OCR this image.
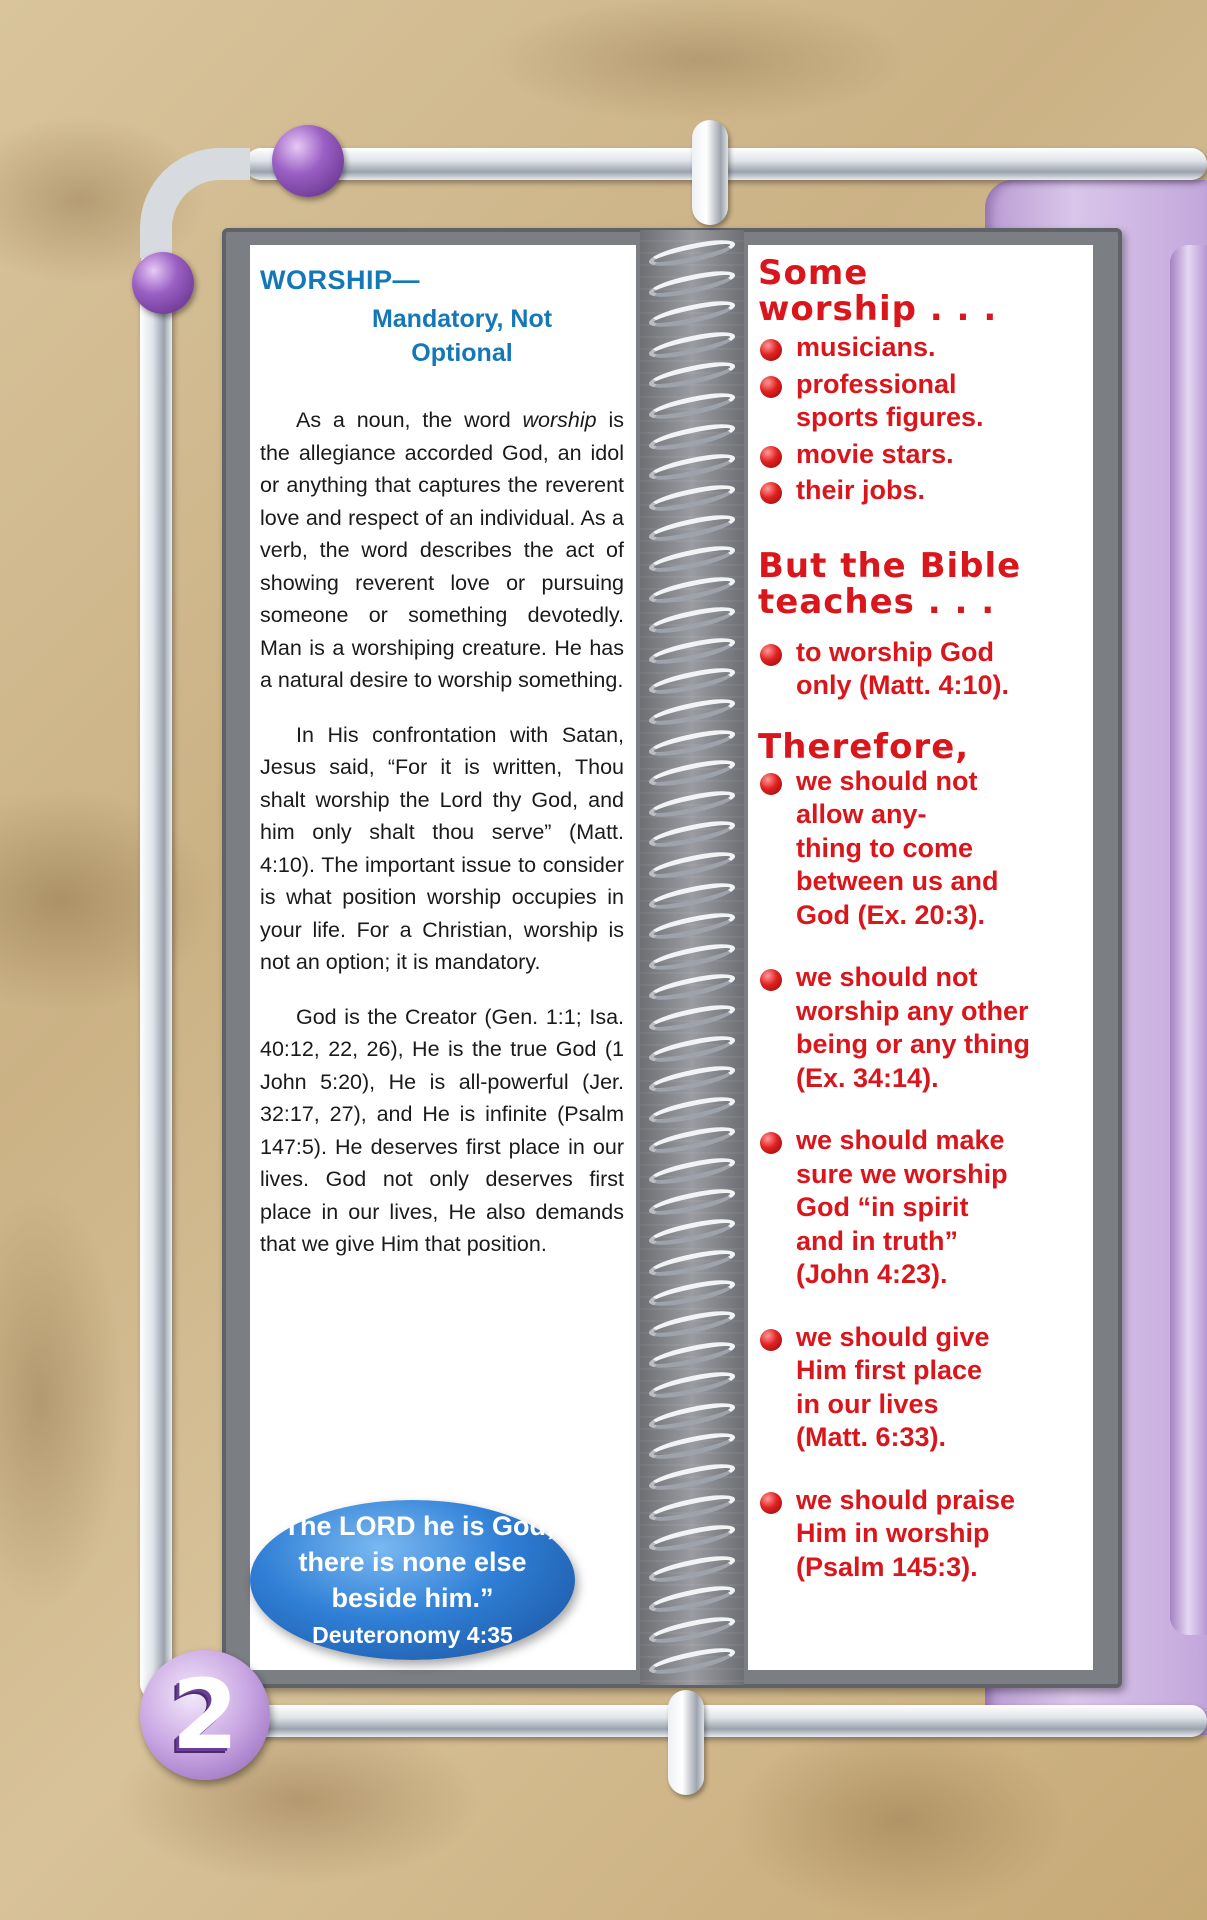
WORSHIP—
Mandatory, Not
Optional

As a noun, the word worship is the allegiance accorded God, an idol or anything that captures the reverent love and respect of an individual. As a verb, the word describes the act of showing reverent love or pursuing someone or something devotedly. Man is a worshiping creature. He has a natural desire to worship something.

In His confrontation with Satan, Jesus said, “For it is written, Thou shalt worship the Lord thy God, and him only shalt thou serve” (Matt. 4:10). The important issue to consider is what position worship occupies in your life. For a Christian, worship is not an option; it is mandatory.

God is the Creator (Gen. 1:1; Isa. 40:12, 22, 26), He is the true God (1 John 5:20), He is all-powerful (Jer. 32:17, 27), and He is infinite (Psalm 147:5). He deserves first place in our lives. God not only deserves first place in our lives, He also demands that we give Him that position.

“The LORD he is God;
there is none else
beside him.”
Deuteronomy 4:35

Some

worship . . .

musicians.
professional
sports figures.
movie stars.
their jobs.

But the Bible

teaches . . .

to worship God
only (Matt. 4:10).

Therefore,

we should not
allow any-
thing to come
between us and
God (Ex. 20:3).
we should not
worship any other
being or any thing
(Ex. 34:14).
we should make
sure we worship
God “in spirit
and in truth”
(John 4:23).
we should give
Him first place
in our lives
(Matt. 6:33).
we should praise
Him in worship
(Psalm 145:3).
2
